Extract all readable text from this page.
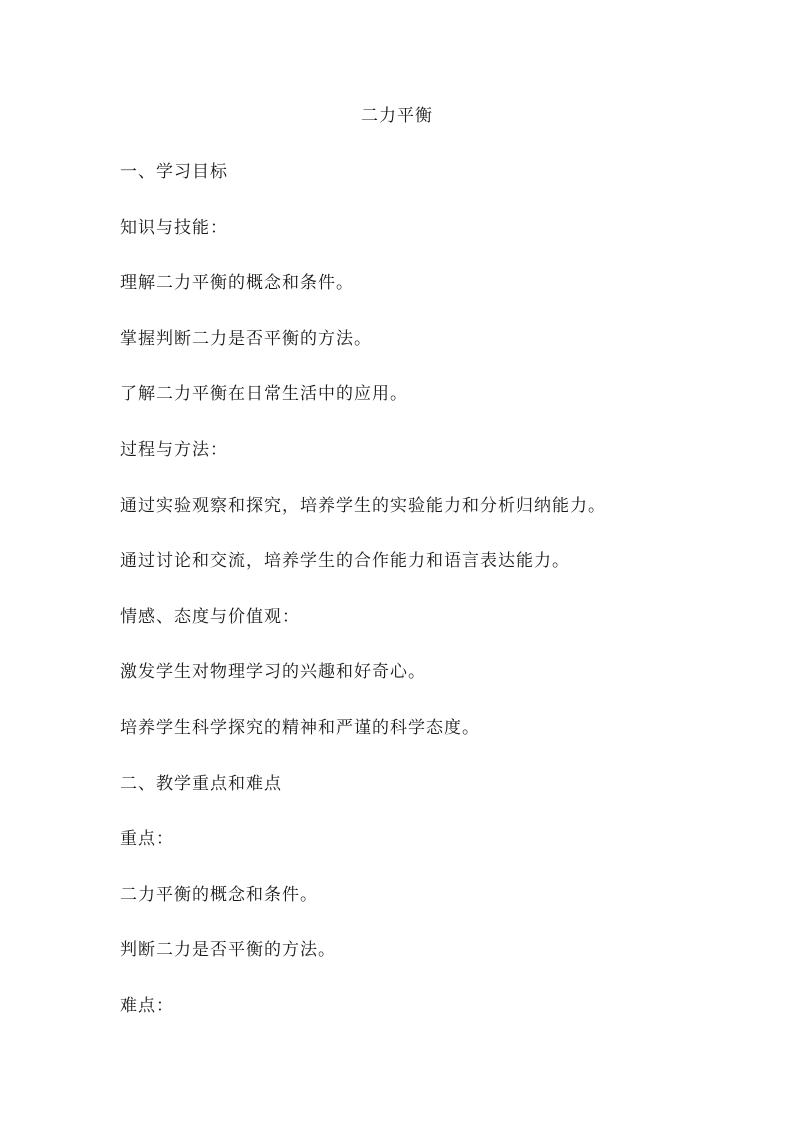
二力平衡
一、学习目标
知识与技能：
理解二力平衡的概念和条件。
掌握判断二力是否平衡的方法。
了解二力平衡在日常生活中的应用。
过程与方法：
通过实验观察和探究，培养学生的实验能力和分析归纳能力。
通过讨论和交流，培养学生的合作能力和语言表达能力。
情感、态度与价值观：
激发学生对物理学习的兴趣和好奇心。
培养学生科学探究的精神和严谨的科学态度。
二、教学重点和难点
重点：
二力平衡的概念和条件。
判断二力是否平衡的方法。
难点：
